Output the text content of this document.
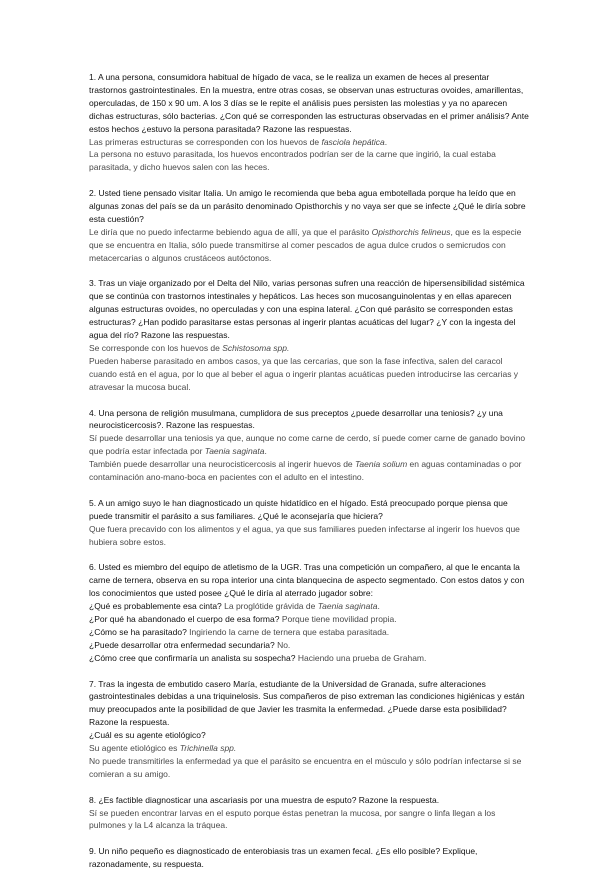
1. A una persona, consumidora habitual de hígado de vaca, se le realiza un examen de heces al presentar trastornos gastrointestinales. En la muestra, entre otras cosas, se observan unas estructuras ovoides, amarillentas, operculadas, de 150 x 90 um. A los 3 días se le repite el análisis pues persisten las molestias y ya no aparecen dichas estructuras, sólo bacterias. ¿Con qué se corresponden las estructuras observadas en el primer análisis? Ante estos hechos ¿estuvo la persona parasitada? Razone las respuestas.

Las primeras estructuras se corresponden con los huevos de fasciola hepática.

La persona no estuvo parasitada, los huevos encontrados podrían ser de la carne que ingirió, la cual estaba parasitada, y dicho huevos salen con las heces.

2. Usted tiene pensado visitar Italia. Un amigo le recomienda que beba agua embotellada porque ha leído que en algunas zonas del país se da un parásito denominado Opisthorchis y no vaya ser que se infecte ¿Qué le diría sobre esta cuestión?

Le diría que no puedo infectarme bebiendo agua de allí, ya que el parásito Opisthorchis felineus, que es la especie que se encuentra en Italia, sólo puede transmitirse al comer pescados de agua dulce crudos o semicrudos con metacercarias o algunos crustáceos autóctonos.

3. Tras un viaje organizado por el Delta del Nilo, varias personas sufren una reacción de hipersensibilidad sistémica que se continúa con trastornos intestinales y hepáticos. Las heces son mucosanguinolentas y en ellas aparecen algunas estructuras ovoides, no operculadas y con una espina lateral. ¿Con qué parásito se corresponden estas estructuras? ¿Han podido parasitarse estas personas al ingerir plantas acuáticas del lugar? ¿Y con la ingesta del agua del río? Razone las respuestas.

Se corresponde con los huevos de Schistosoma spp.

Pueden haberse parasitado en ambos casos, ya que las cercarias, que son la fase infectiva, salen del caracol cuando está en el agua, por lo que al beber el agua o ingerir plantas acuáticas pueden introducirse las cercarias y atravesar la mucosa bucal.

4. Una persona de religión musulmana, cumplidora de sus preceptos ¿puede desarrollar una teniosis? ¿y una neurocisticercosis?. Razone las respuestas.

Sí puede desarrollar una teniosis ya que, aunque no come carne de cerdo, sí puede comer carne de ganado bovino que podría estar infectada por Taenia saginata.

También puede desarrollar una neurocisticercosis al ingerir huevos de Taenia solium en aguas contaminadas o por contaminación ano-mano-boca en pacientes con el adulto en el intestino.

5. A un amigo suyo le han diagnosticado un quiste hidatídico en el hígado. Está preocupado porque piensa que puede transmitir el parásito a sus familiares. ¿Qué le aconsejaría que hiciera?

Que fuera precavido con los alimentos y el agua, ya que sus familiares pueden infectarse al ingerir los huevos que hubiera sobre estos.

6. Usted es miembro del equipo de atletismo de la UGR. Tras una competición un compañero, al que le encanta la carne de ternera, observa en su ropa interior una cinta blanquecina de aspecto segmentado. Con estos datos y con los conocimientos que usted posee ¿Qué le diría al aterrado jugador sobre:

¿Qué es probablemente esa cinta? La proglótide grávida de Taenia saginata.

¿Por qué ha abandonado el cuerpo de esa forma? Porque tiene movilidad propia.

¿Cómo se ha parasitado? Ingiriendo la carne de ternera que estaba parasitada.

¿Puede desarrollar otra enfermedad secundaria? No.

¿Cómo cree que confirmaría un analista su sospecha? Haciendo una prueba de Graham.

7. Tras la ingesta de embutido casero María, estudiante de la Universidad de Granada, sufre alteraciones gastrointestinales debidas a una triquinelosis. Sus compañeros de piso extreman las condiciones higiénicas y están muy preocupados ante la posibilidad de que Javier les trasmita la enfermedad. ¿Puede darse esta posibilidad? Razone la respuesta.

¿Cuál es su agente etiológico?

Su agente etiológico es Trichinella spp.

No puede transmitirles la enfermedad ya que el parásito se encuentra en el músculo y sólo podrían infectarse si se comieran a su amigo.

8. ¿Es factible diagnosticar una ascariasis por una muestra de esputo? Razone la respuesta.

Sí se pueden encontrar larvas en el esputo porque éstas penetran la mucosa, por sangre o linfa llegan a los pulmones y la L4 alcanza la tráquea.

9. Un niño pequeño es diagnosticado de enterobiasis tras un examen fecal. ¿Es ello posible? Explique, razonadamente, su respuesta.
